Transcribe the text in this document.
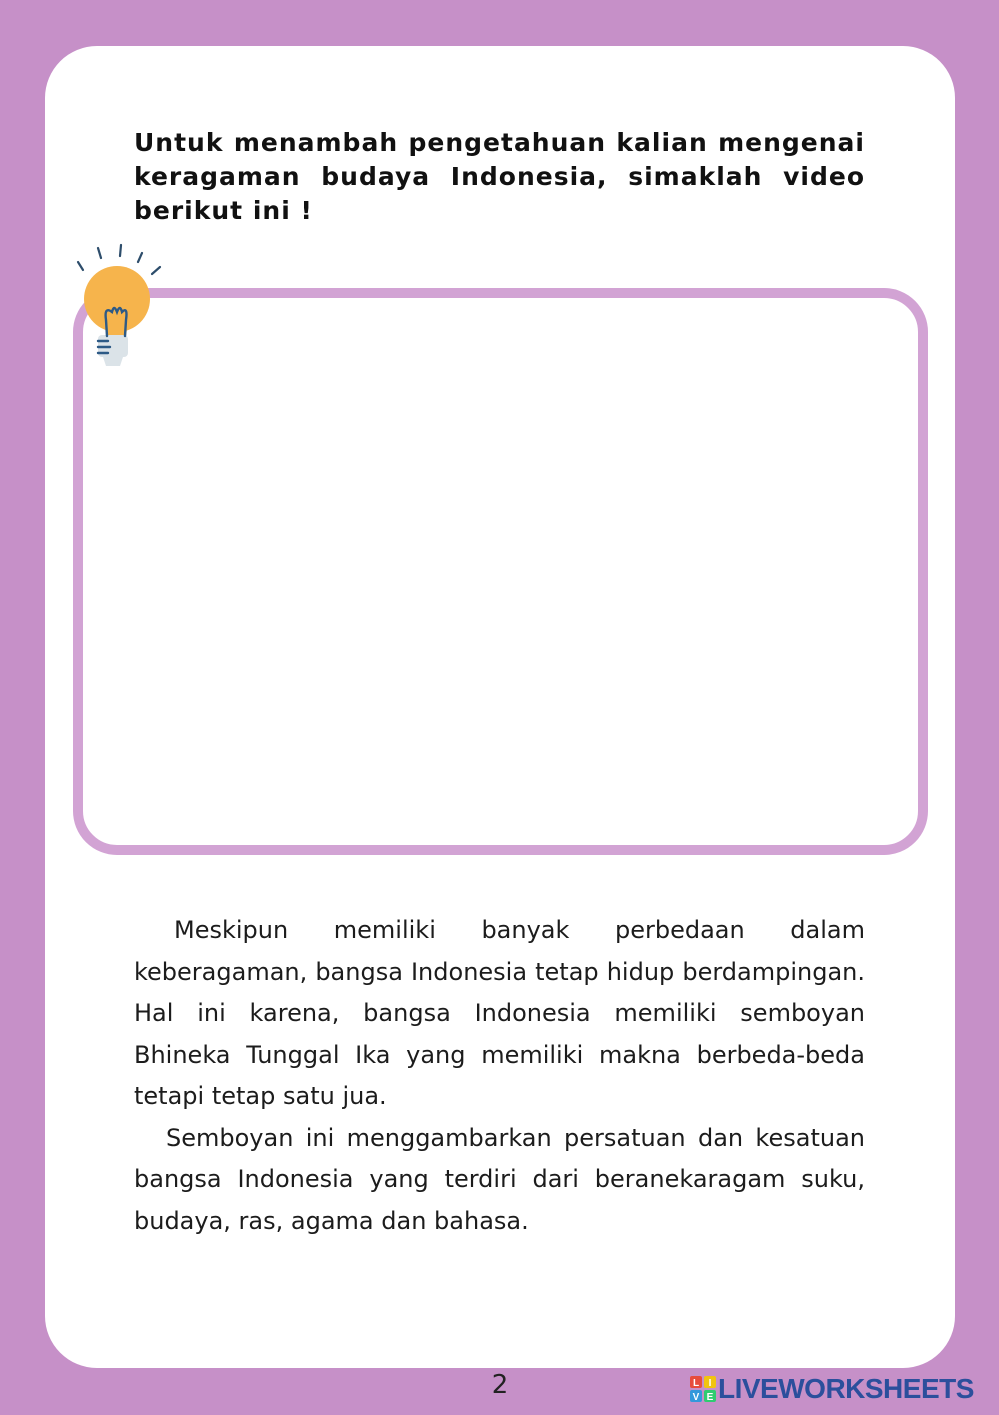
Untuk menambah pengetahuan kalian mengenai keragaman budaya Indonesia, simaklah video berikut ini !

Meskipun memiliki banyak perbedaan dalam keberagaman, bangsa Indonesia tetap hidup berdampingan. Hal ini karena, bangsa Indonesia memiliki semboyan Bhineka Tunggal Ika yang memiliki makna berbeda-beda tetapi tetap satu jua.

Semboyan ini menggambarkan persatuan dan kesatuan bangsa Indonesia yang terdiri dari beranekaragam suku, budaya, ras, agama dan bahasa.

2	L I
V E LIVEWORKSHEETS
